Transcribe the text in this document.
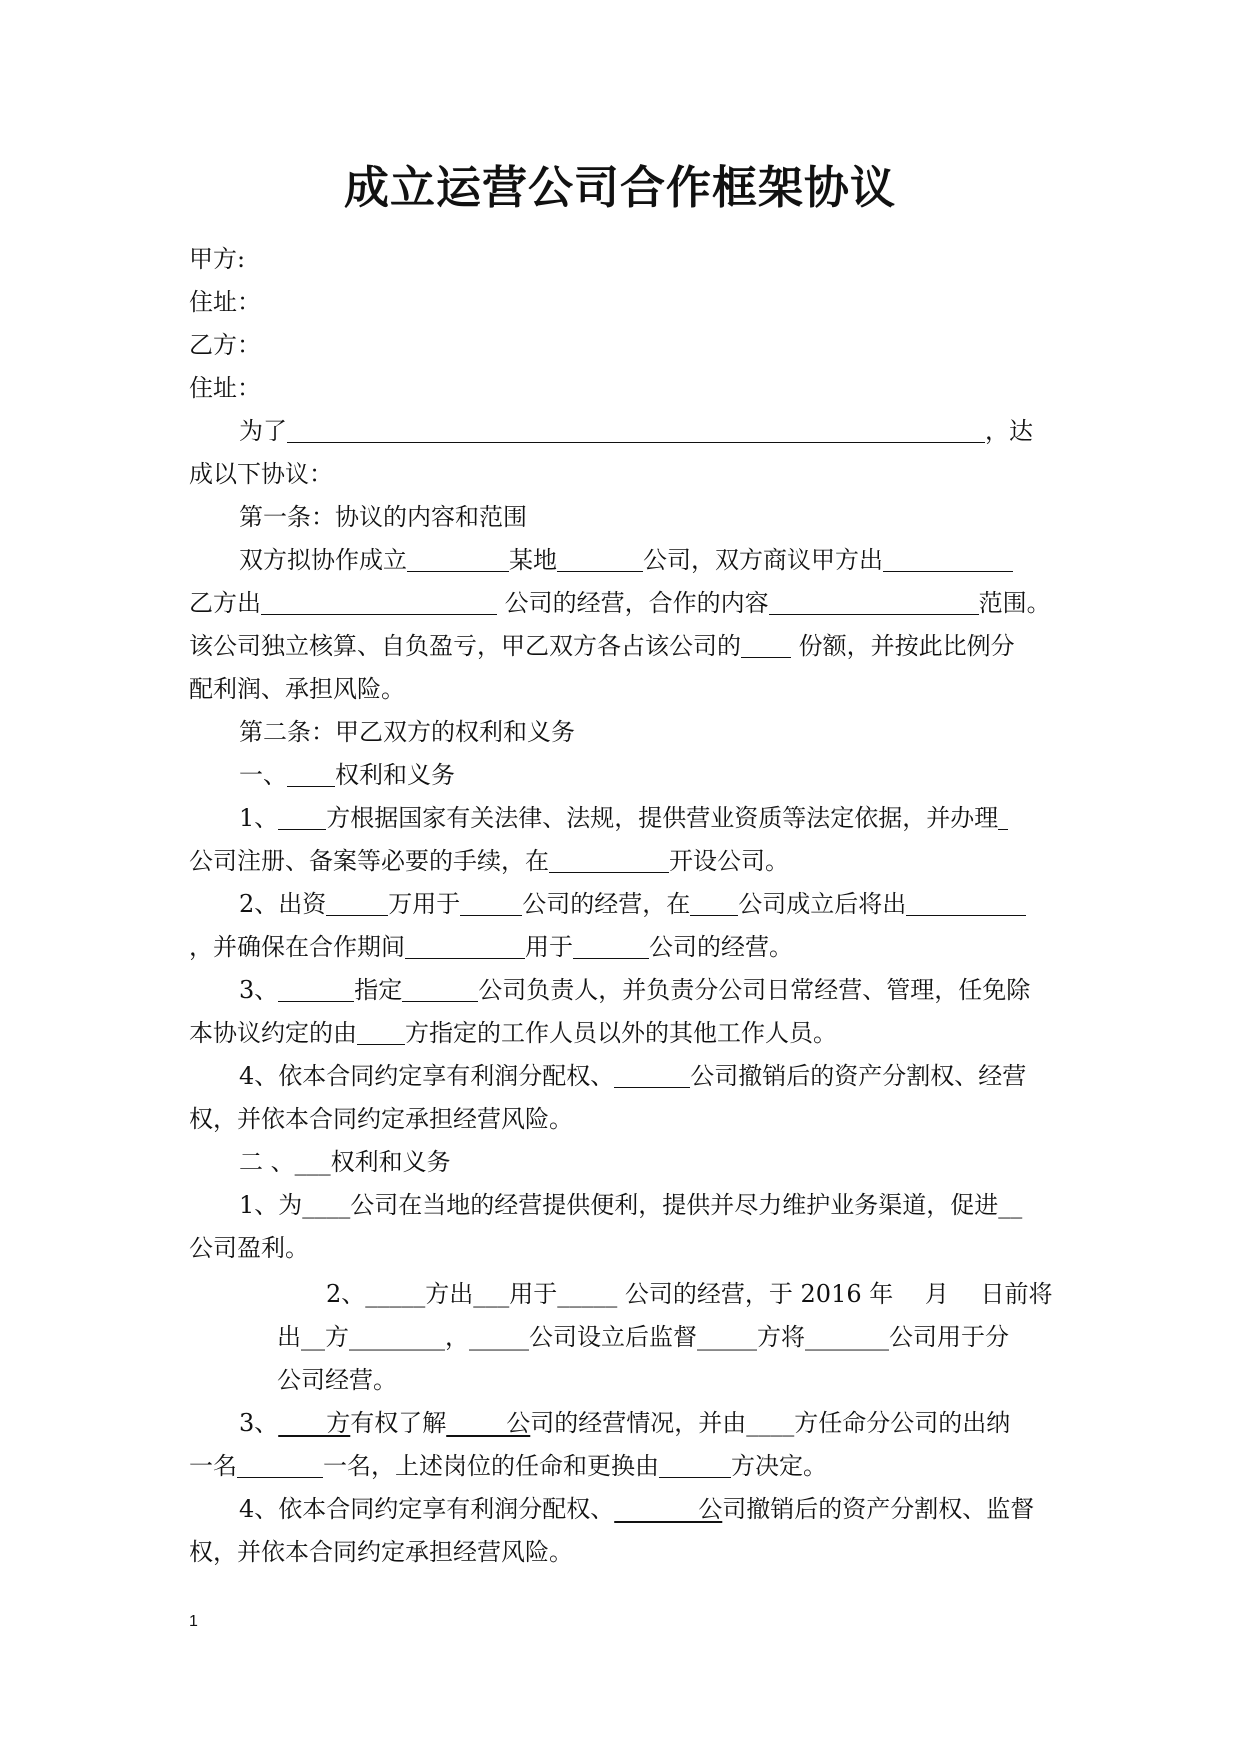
成立运营公司合作框架协议
甲方:
住址：
乙方：
住址：
为了	，达
成以下协议：
第一条：协议的内容和范围
双方拟协作成立	某地	公司，双方商议甲方出
乙方出	公司的经营，合作的内容	范围。
该公司独立核算、自负盈亏，甲乙双方各占该公司的 份额，并按此比例分
配利润、承担风险。
第二条：甲乙双方的权利和义务
一、 权利和义务
1、 方根据国家有关法律、法规，提供营业资质等法定依据，并办理
公司注册、备案等必要的手续，在	开设公司。
2、出资	万用于	公司的经营，在 公司成立后将出
，并确保在合作期间	用于	公司的经营。
3、	指定	公司负责人，并负责分公司日常经营、管理，任免除
本协议约定的由 方指定的工作人员以外的其他工作人员。
4、依本合同约定享有利润分配权、	公司撤销后的资产分割权、经营
权，并依本合同约定承担经营风险。
二 、___权利和义务
1、为____公司在当地的经营提供便利，提供并尽力维护业务渠道，促进__
公司盈利。
2、_____方出___用于_____ 公司的经营，于 2016 年　 月　 日前将
出__方________，_____公司设立后监督_____方将_______公司用于分
公司经营。
3、____方有权了解_____公司的经营情况，并由____方任命分公司的出纳
一名	一名，上述岗位的任命和更换由	方决定。
4、依本合同约定享有利润分配权、_______公司撤销后的资产分割权、监督
权，并依本合同约定承担经营风险。
1
